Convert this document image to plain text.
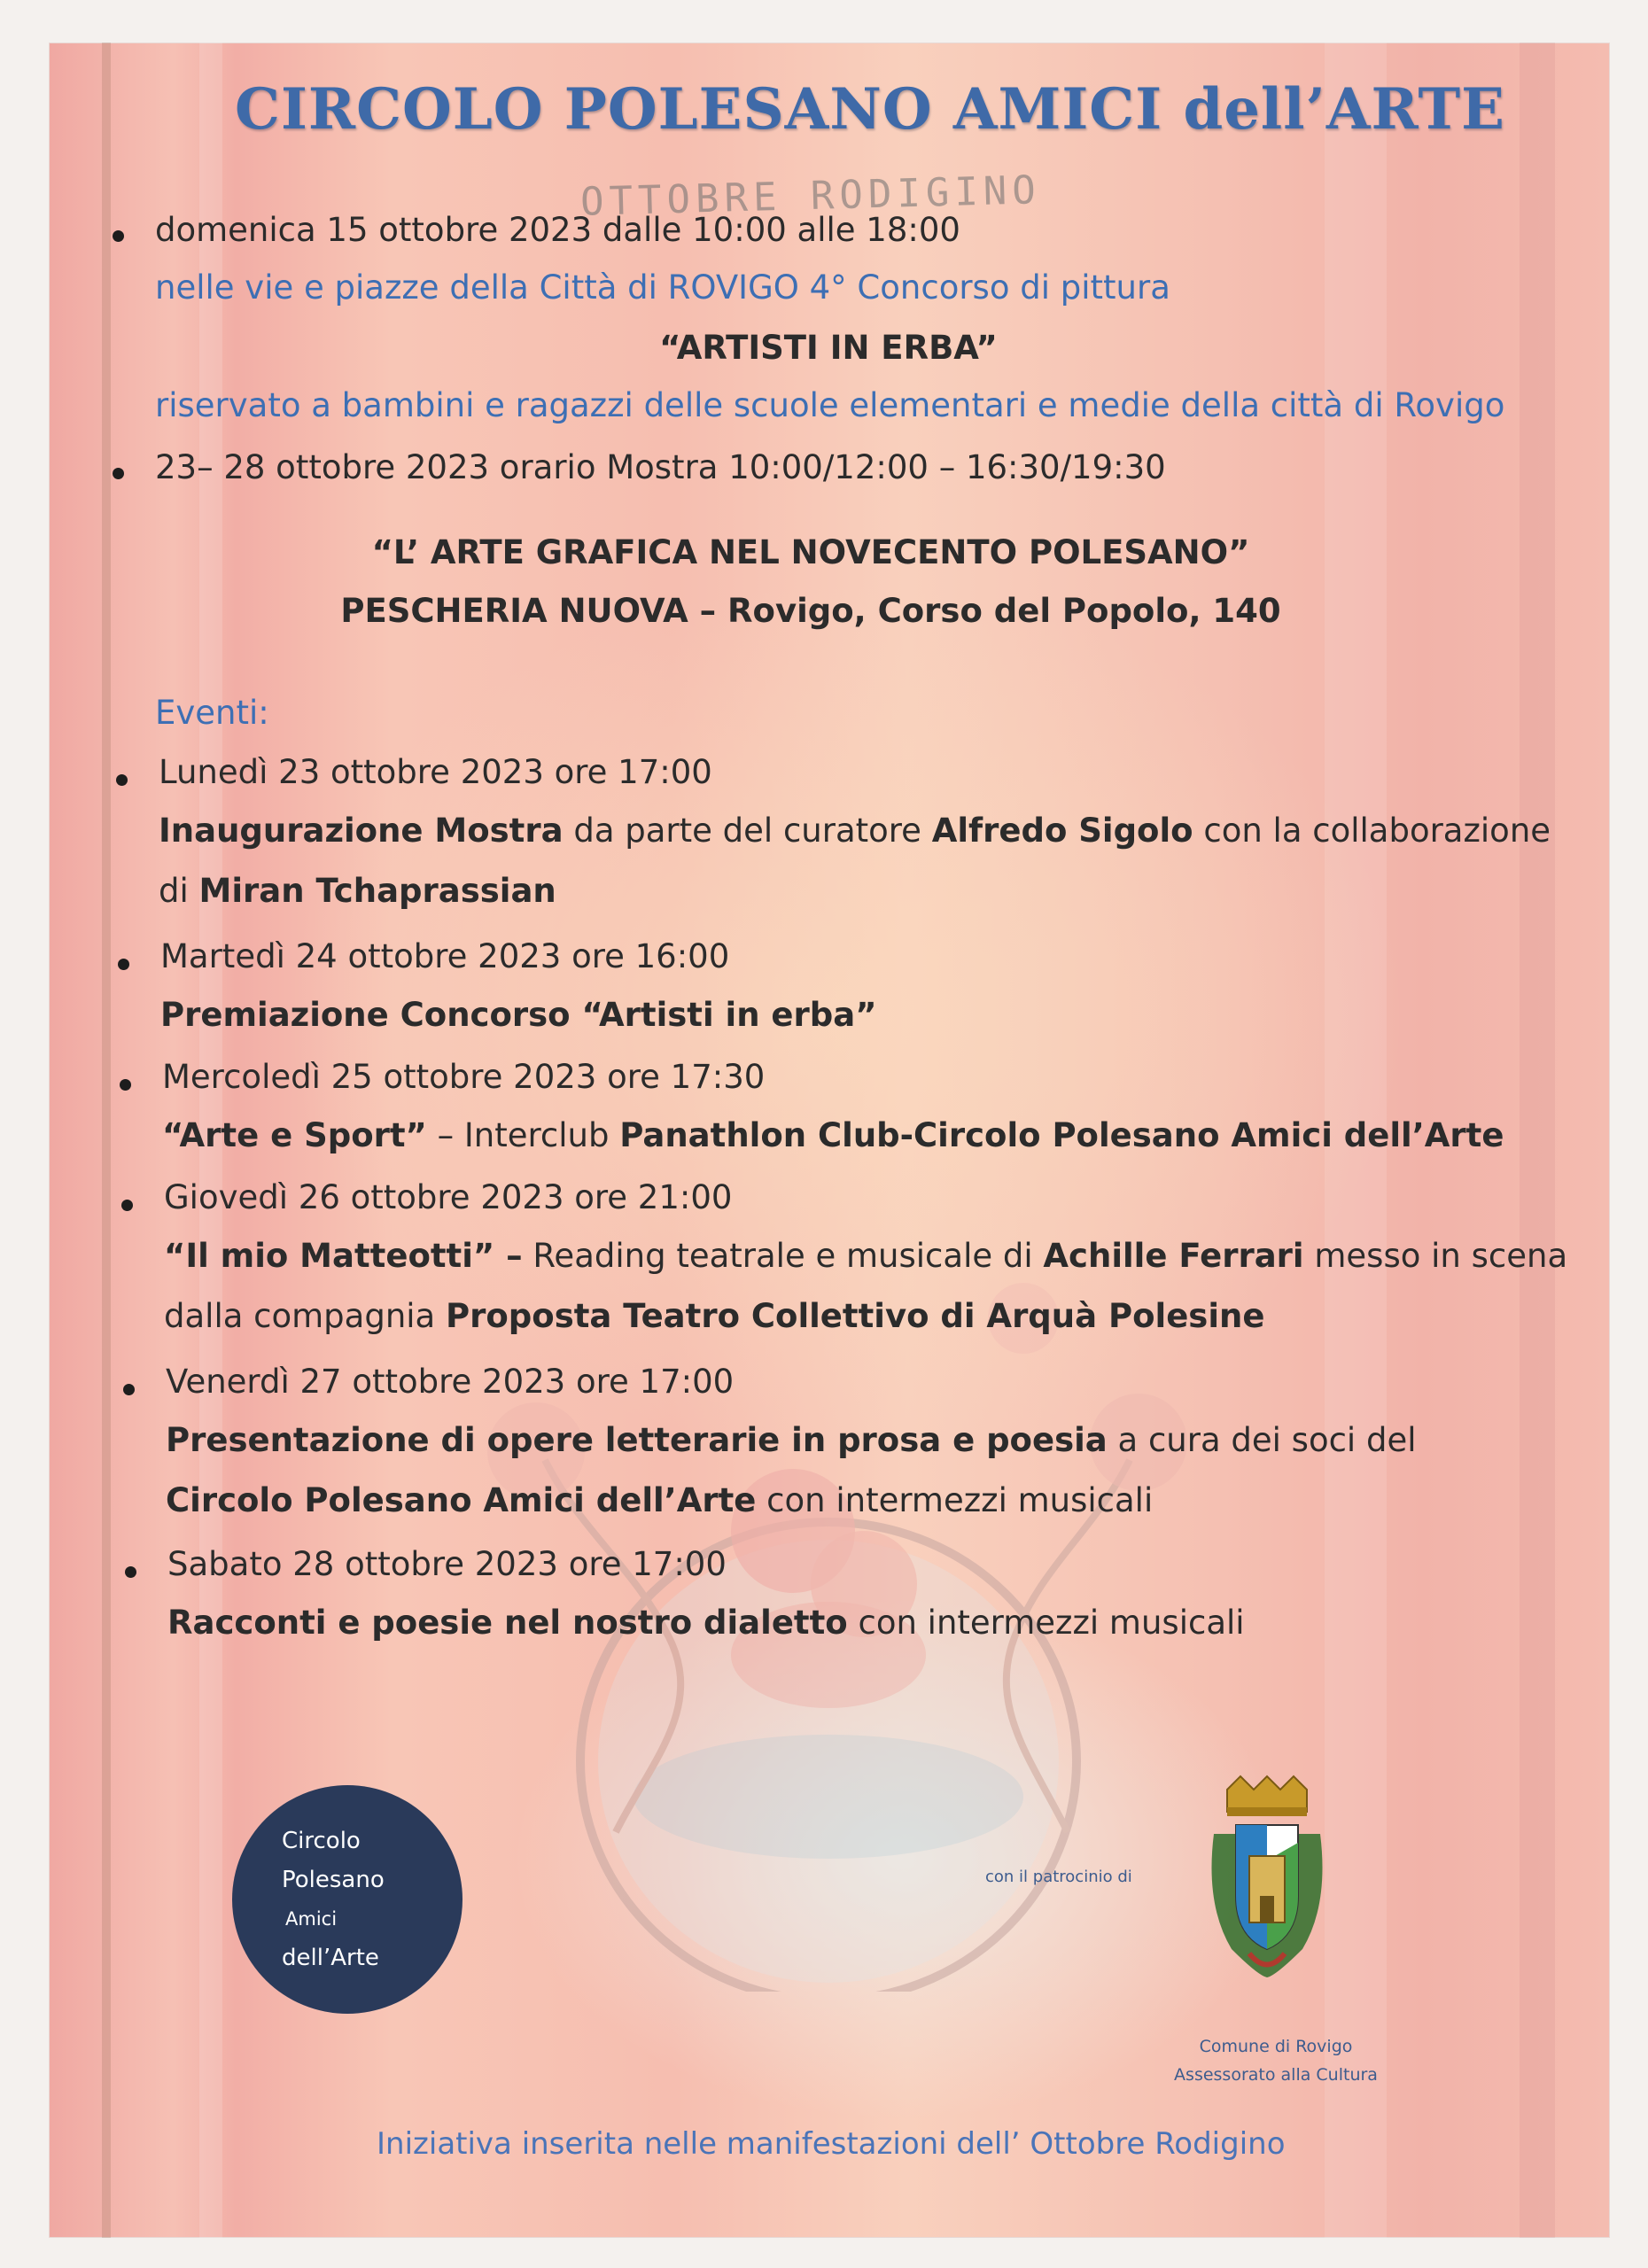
CIRCOLO POLESANO AMICI dell’ARTE
OTTOBRE RODIGINO
domenica 15 ottobre 2023 dalle 10:00 alle 18:00
nelle vie e piazze della Città di ROVIGO 4° Concorso di pittura
“ARTISTI IN ERBA”
riservato a bambini e ragazzi delle scuole elementari e medie della città di Rovigo
23– 28 ottobre 2023 orario Mostra 10:00/12:00 – 16:30/19:30
“L’ ARTE GRAFICA NEL NOVECENTO POLESANO”
PESCHERIA NUOVA – Rovigo, Corso del Popolo, 140
Eventi:
Lunedì 23 ottobre 2023 ore 17:00
Inaugurazione Mostra da parte del curatore Alfredo Sigolo con la collaborazione
di Miran Tchaprassian
Martedì 24 ottobre 2023 ore 16:00
Premiazione Concorso “Artisti in erba”
Mercoledì 25 ottobre 2023 ore 17:30
“Arte e Sport” – Interclub Panathlon Club-Circolo Polesano Amici dell’Arte
Giovedì 26 ottobre 2023 ore 21:00
“Il mio Matteotti” – Reading teatrale e musicale di Achille Ferrari messo in scena
dalla compagnia Proposta Teatro Collettivo di Arquà Polesine
Venerdì 27 ottobre 2023 ore 17:00
Presentazione di opere letterarie in prosa e poesia a cura dei soci del
Circolo Polesano Amici dell’Arte con intermezzi musicali
Sabato 28 ottobre 2023 ore 17:00
Racconti e poesie nel nostro dialetto con intermezzi musicali
Circolo
Polesano
Amici
dell’Arte
con il patrocinio di
Comune di Rovigo
Assessorato alla Cultura
Iniziativa inserita nelle manifestazioni dell’ Ottobre Rodigino
